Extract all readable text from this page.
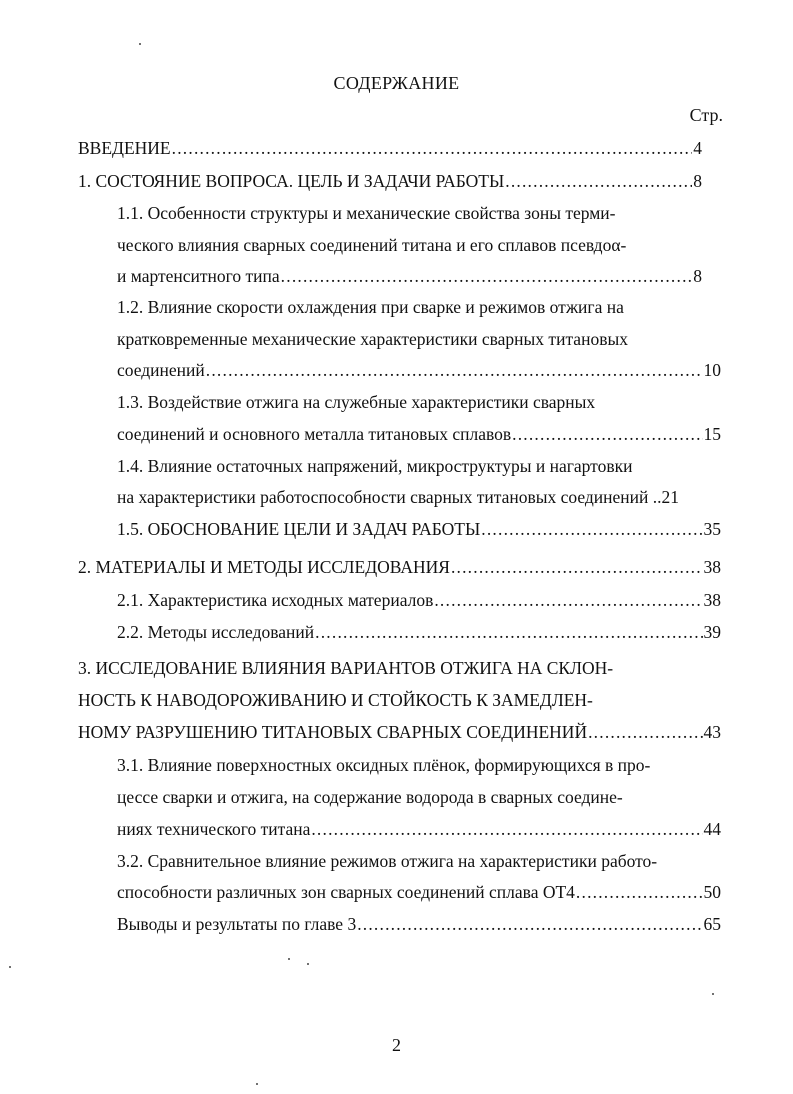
СОДЕРЖАНИЕ
Стр.
ВВЕДЕНИЕ .....	4
1. СОСТОЯНИЕ ВОПРОСА. ЦЕЛЬ И ЗАДАЧИ РАБОТЫ .....	8
1.1. Особенности структуры и механические свойства зоны терми-
ческого влияния сварных соединений титана и его сплавов псевдоα-
и мартенситного типа .....	8
1.2. Влияние скорости охлаждения при сварке и режимов отжига на
кратковременные механические характеристики сварных титановых
соединений .....	10
1.3. Воздействие отжига на служебные характеристики сварных
соединений и основного металла титановых сплавов .....	15
1.4. Влияние остаточных напряжений, микроструктуры и нагартовки
на характеристики работоспособности сварных титановых соединений .. 21
1.5. ОБОСНОВАНИЕ ЦЕЛИ И ЗАДАЧ РАБОТЫ .....	35
2. МАТЕРИАЛЫ И МЕТОДЫ ИССЛЕДОВАНИЯ .....	38
2.1. Характеристика исходных материалов .....	38
2.2. Методы исследований .....	39
3. ИССЛЕДОВАНИЕ ВЛИЯНИЯ ВАРИАНТОВ ОТЖИГА НА СКЛОН-
НОСТЬ К НАВОДОРОЖИВАНИЮ И СТОЙКОСТЬ К ЗАМЕДЛЕН-
НОМУ РАЗРУШЕНИЮ ТИТАНОВЫХ СВАРНЫХ СОЕДИНЕНИЙ .....	43
3.1. Влияние поверхностных оксидных плёнок, формирующихся в про-
цессе сварки и отжига, на содержание водорода в сварных соедине-
ниях технического титана .....	44
3.2. Сравнительное влияние режимов отжига на характеристики работо-
способности различных зон сварных соединений сплава ОТ4 .....	50
Выводы и результаты по главе 3 .....	65
2
